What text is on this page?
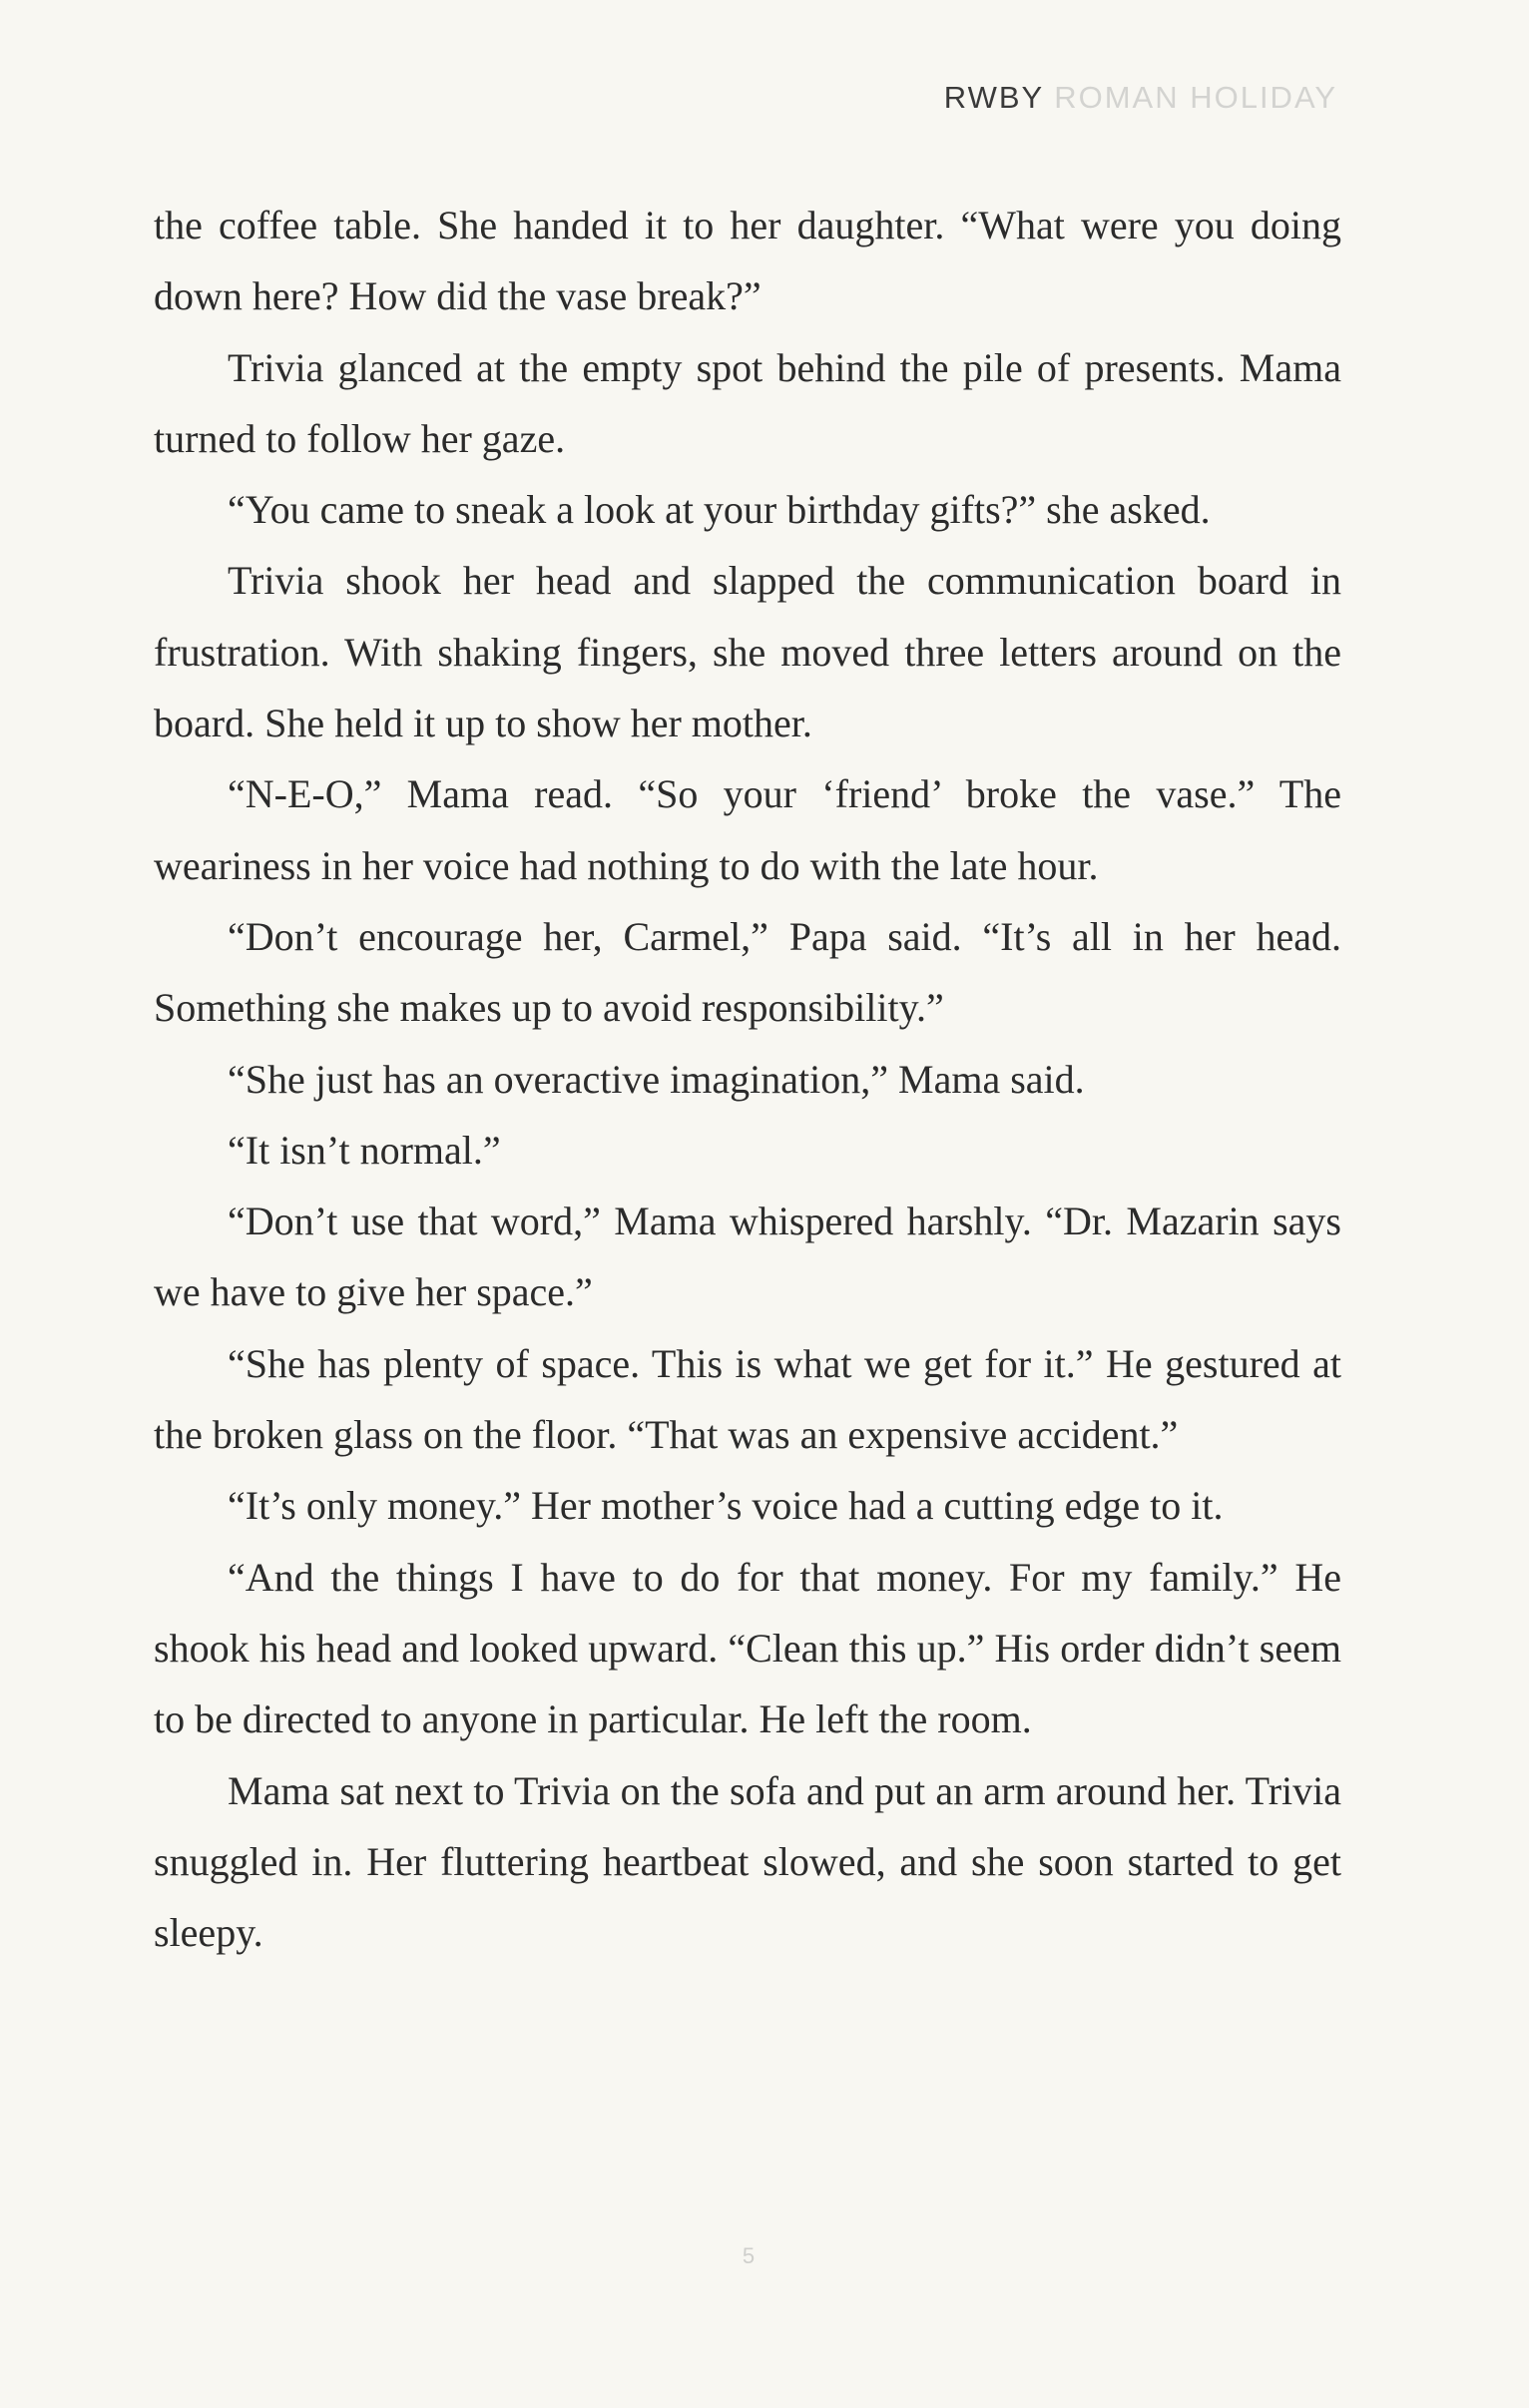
RWBY ROMAN HOLIDAY

the coffee table. She handed it to her daughter. “What were you doing down here? How did the vase break?”

Trivia glanced at the empty spot behind the pile of presents. Mama turned to follow her gaze.

“You came to sneak a look at your birthday gifts?” she asked.

Trivia shook her head and slapped the communication board in frustration. With shaking fingers, she moved three letters around on the board. She held it up to show her mother.

“N-E-O,” Mama read. “So your ‘friend’ broke the vase.” The weariness in her voice had nothing to do with the late hour.

“Don’t encourage her, Carmel,” Papa said. “It’s all in her head. Something she makes up to avoid responsibility.”

“She just has an overactive imagination,” Mama said.

“It isn’t normal.”

“Don’t use that word,” Mama whispered harshly. “Dr. Mazarin says we have to give her space.”

“She has plenty of space. This is what we get for it.” He gestured at the broken glass on the floor. “That was an expensive accident.”

“It’s only money.” Her mother’s voice had a cutting edge to it.

“And the things I have to do for that money. For my family.” He shook his head and looked upward. “Clean this up.” His order didn’t seem to be directed to anyone in particular. He left the room.

Mama sat next to Trivia on the sofa and put an arm around her. Trivia snuggled in. Her fluttering heartbeat slowed, and she soon started to get sleepy.

5
